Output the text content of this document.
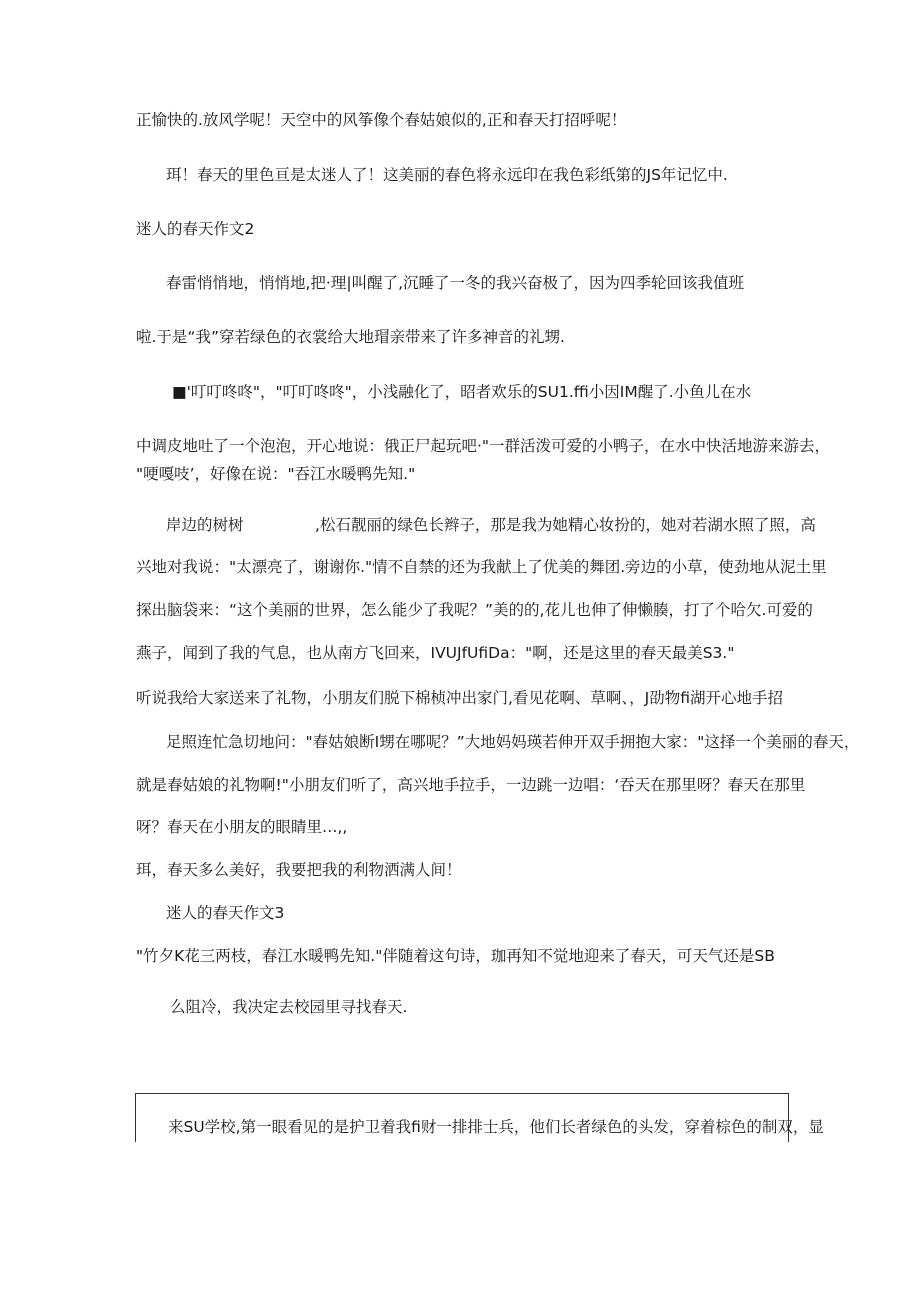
正愉快的.放风学呢！天空中的风筝像个春姑娘似的,正和春天打招呼呢！
珥！春天的里色亘是太迷人了！这美丽的春色将永远印在我色彩纸第的JS年记忆中.
迷人的春天作文2
春雷悄悄地，悄悄地,把·理|叫醒了,沉睡了一冬的我兴奋极了，因为四季轮回该我值班
啦.于是“我”穿若绿色的衣裳给大地瑁亲带来了许多神音的礼甥.
■'叮叮咚咚"，"叮叮咚咚"，小浅融化了，昭者欢乐的SU1.ffi小因IM醒了.小鱼儿在水
中调皮地吐了一个泡泡，开心地说：俄正尸起玩吧·"一群活泼可爱的小鸭子，在水中快活地游来游去，
"哽嘎吱’，好像在说："吞江水暖鸭先知."
岸边的树树	,松石靓丽的绿色长辫子，那是我为她精心妆扮的，她对若湖水照了照，高
兴地对我说："太漂亮了，谢谢你."情不自禁的还为我献上了优美的舞团.旁边的小草，使劲地从泥土里
探出脑袋来：“这个美丽的世界，怎么能少了我呢？”美的的,花儿也伸了伸懒腠，打了个哈欠.可爱的
燕子，闻到了我的气息，也从南方飞回来，IVUJfUfiDa："啊，还是这里的春天最美S3."
听说我给大家送来了礼物，小朋友们脱下棉桢冲出家门,看见花啊、草啊、，J劭物fi湖开心地手招
足照连忙急切地问："春姑娘断I甥在哪呢？”大地妈妈瑛若伸开双手拥抱大家："这择一个美丽的春天，
就是春姑娘的礼物啊!"小朋友们听了，高兴地手拉手，一边跳一边唱：‘吞天在那里呀？春天在那里
呀？春天在小朋友的眼睛里…,,
珥，春天多么美好，我要把我的利物洒满人间！
迷人的春天作文3
"竹夕K花三两枝，春江水暖鸭先知."伴随着这句诗，珈再知不觉地迎来了春天，可天气还是SB
么阻冷，我决定去校园里寻找春天.
来SU学校,第一眼看见的是护卫着我fi财一排排士兵，他们长者绿色的头发，穿着棕色的制双，显
